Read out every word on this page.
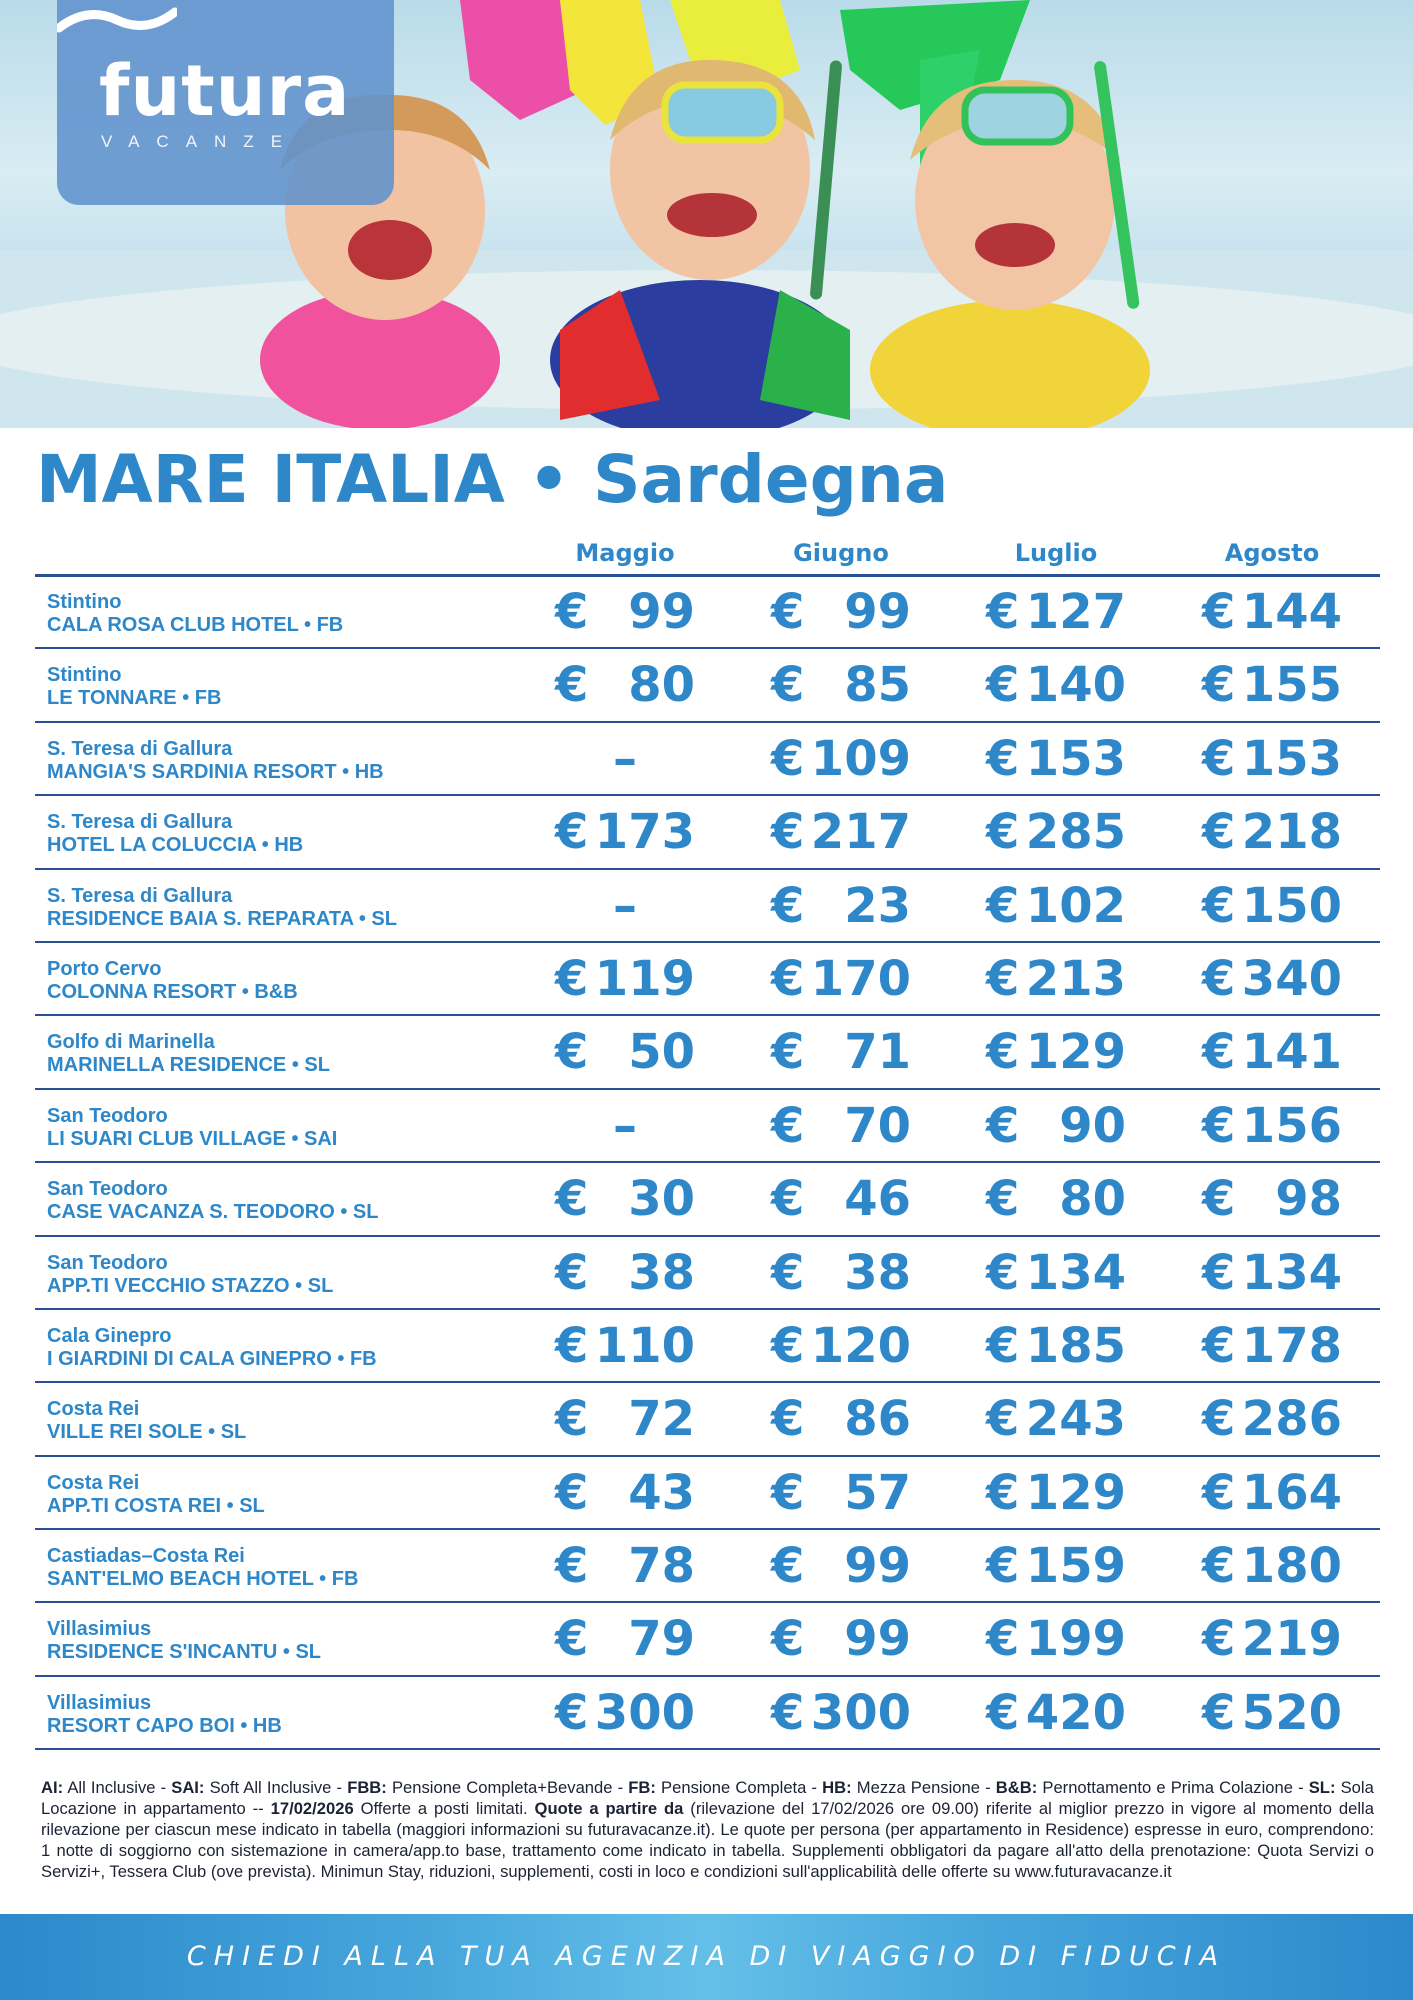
futura
VACANZE
MARE ITALIA • Sardegna
Maggio	Giugno	Luglio	Agosto
Stintino
CALA ROSA CLUB HOTEL • FB	€ 99 € 99 € 127 € 144
Stintino
LE TONNARE • FB	€ 80 € 85 € 140 € 155
S. Teresa di Gallura
MANGIA'S SARDINIA RESORT • HB	–	€ 109 € 153 € 153
S. Teresa di Gallura
HOTEL LA COLUCCIA • HB	€ 173 € 217 € 285 € 218
S. Teresa di Gallura
RESIDENCE BAIA S. REPARATA • SL	–	€ 23 € 102 € 150
Porto Cervo
COLONNA RESORT • B&B	€ 119 € 170 € 213 € 340
Golfo di Marinella
MARINELLA RESIDENCE • SL	€ 50 € 71 € 129 € 141
San Teodoro
LI SUARI CLUB VILLAGE • SAI	–	€ 70 € 90 € 156
San Teodoro
CASE VACANZA S. TEODORO • SL	€ 30 € 46 € 80 € 98
San Teodoro
APP.TI VECCHIO STAZZO • SL	€ 38 € 38 € 134 € 134
Cala Ginepro
I GIARDINI DI CALA GINEPRO • FB	€ 110 € 120 € 185 € 178
Costa Rei
VILLE REI SOLE • SL	€ 72 € 86 € 243 € 286
Costa Rei
APP.TI COSTA REI • SL	€ 43 € 57 € 129 € 164
Castiadas–Costa Rei
SANT'ELMO BEACH HOTEL • FB	€ 78 € 99 € 159 € 180
Villasimius
RESIDENCE S'INCANTU • SL	€ 79 € 99 € 199 € 219
Villasimius
RESORT CAPO BOI • HB	€ 300 € 300 € 420 € 520
AI: All Inclusive - SAI: Soft All Inclusive - FBB: Pensione Completa+Bevande - FB: Pensione Completa - HB: Mezza Pensione - B&B: Pernottamento e Prima Colazione - SL: Sola Locazione in appartamento -- 17/02/2026 Offerte a posti limitati. Quote a partire da (rilevazione del 17/02/2026 ore 09.00) riferite al miglior prezzo in vigore al momento della rilevazione per ciascun mese indicato in tabella (maggiori informazioni su futuravacanze.it). Le quote per persona (per appartamento in Residence) espresse in euro, comprendono: 1 notte di soggiorno con sistemazione in camera/app.to base, trattamento come indicato in tabella. Supplementi obbligatori da pagare all'atto della prenotazione: Quota Servizi o Servizi+, Tessera Club (ove prevista). Minimun Stay, riduzioni, supplementi, costi in loco e condizioni sull'applicabilità delle offerte su www.futuravacanze.it
CHIEDI ALLA TUA AGENZIA DI VIAGGIO DI FIDUCIA
